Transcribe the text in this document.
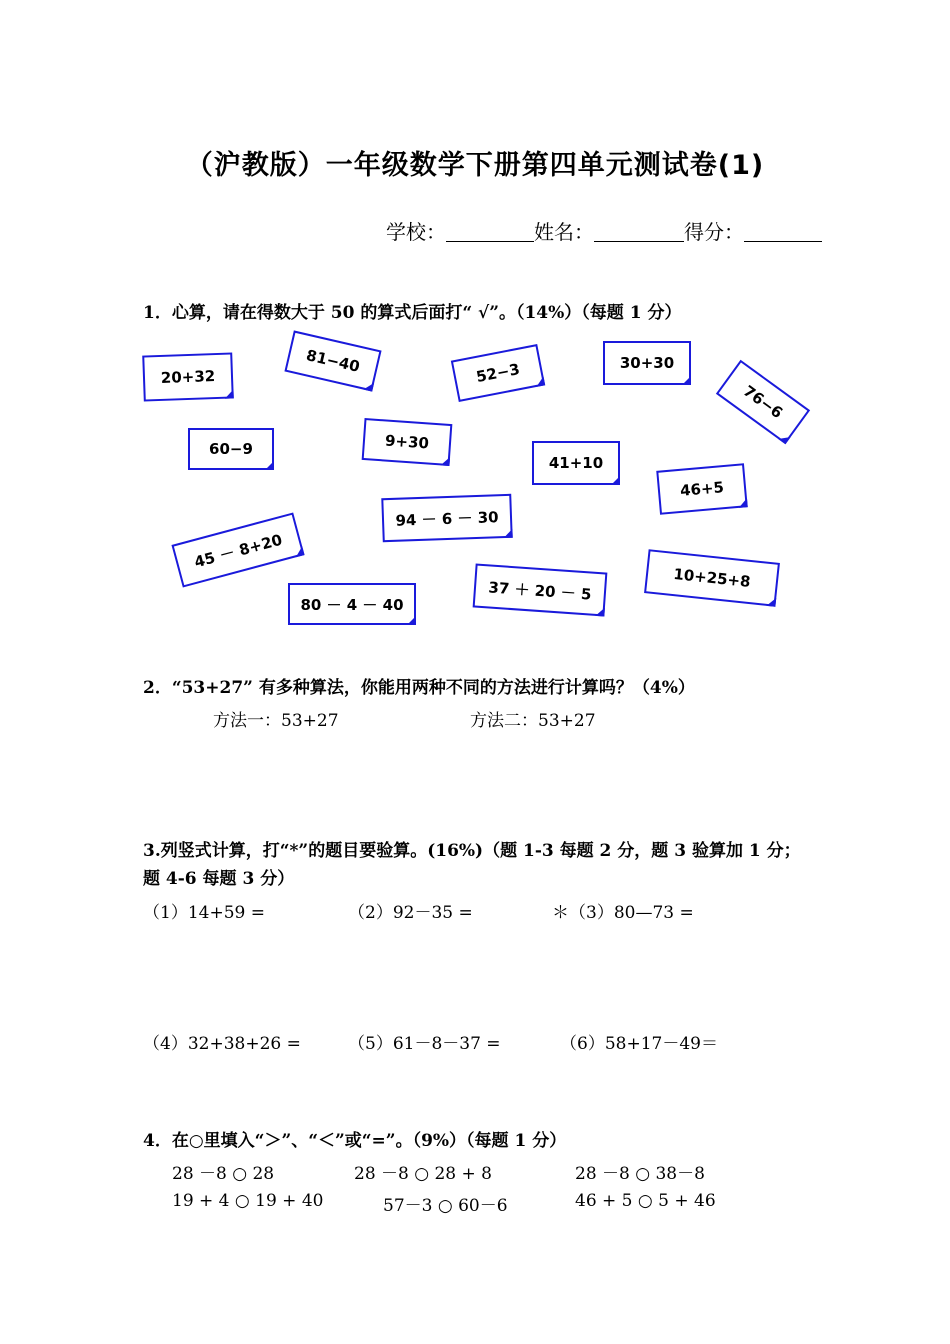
（沪教版）一年级数学下册第四单元测试卷(1)
学校：	姓名：	得分：
1．心算，请在得数大于 50 的算式后面打“ √”。（14%）（每题 1 分）
20+32
81−40	52−3	30+30
76−6
60−9	9+30
41+10
46+5
94 － 6 － 30
45 － 8+20
80 － 4 － 40
37 ＋ 20 － 5	10+25+8
2．“53+27” 有多种算法，你能用两种不同的方法进行计算吗？（4%）
方法一：53+27	方法二：53+27
3.列竖式计算，打“*”的题目要验算。(16%)（题 1-3 每题 2 分，题 3 验算加 1 分；
题 4-6 每题 3 分）
（1）14+59 =	（2）92－35 =	＊（3）80—73 =
（4）32+38+26 =	（5）61－8－37 =	（6）58+17－49＝
4．在○里填入“＞”、“＜”或“=”。（9%）（每题 1 分）
28 －8 ○ 28	28 －8 ○ 28 + 8	28 －8 ○ 38－8
19 + 4 ○ 19 + 40	57－3 ○ 60－6	46 + 5 ○ 5 + 46
